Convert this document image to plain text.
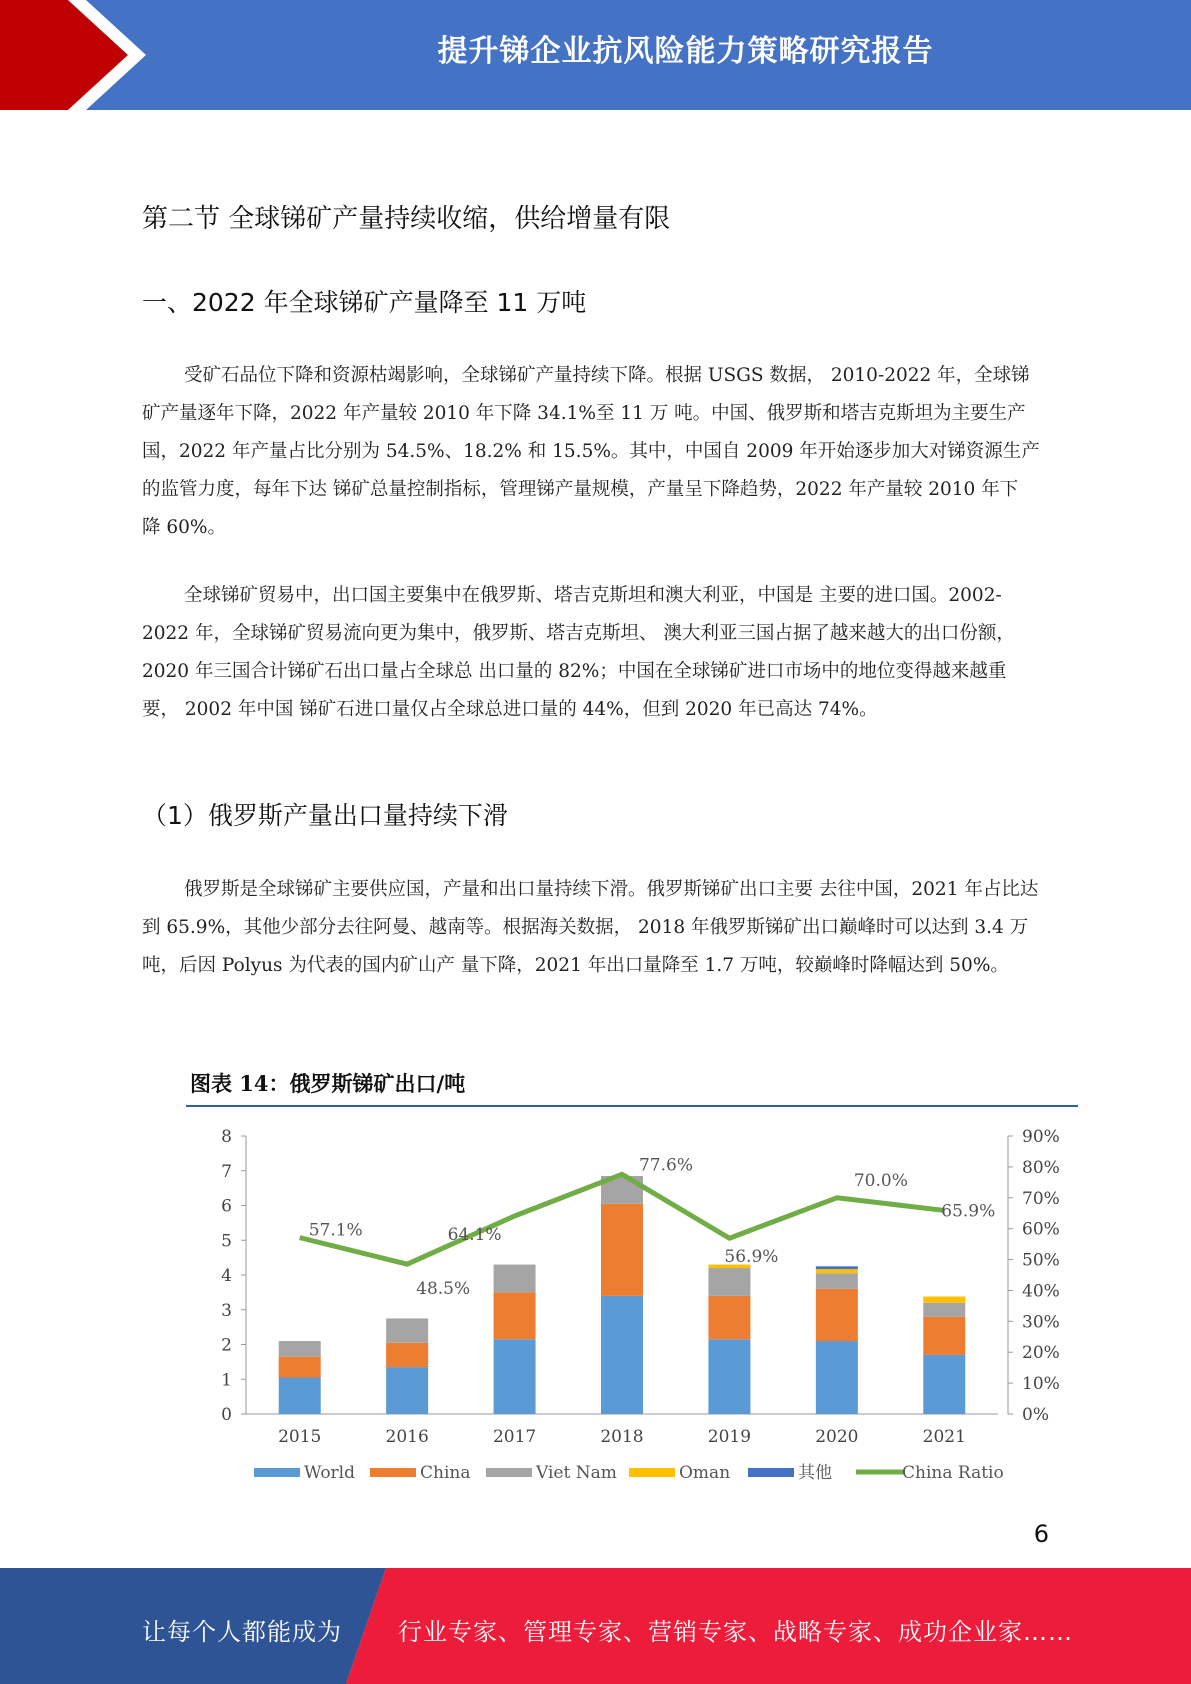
提升锑企业抗风险能力策略研究报告
第二节 全球锑矿产量持续收缩，供给增量有限
一、2022 年全球锑矿产量降至 11 万吨

受矿石品位下降和资源枯竭影响，全球锑矿产量持续下降。根据 USGS 数据， 2010-2022 年，全球锑矿产量逐年下降，2022 年产量较 2010 年下降 34.1%至 11 万 吨。中国、俄罗斯和塔吉克斯坦为主要生产国，2022 年产量占比分别为 54.5%、18.2% 和 15.5%。其中，中国自 2009 年开始逐步加大对锑资源生产的监管力度，每年下达 锑矿总量控制指标，管理锑产量规模，产量呈下降趋势，2022 年产量较 2010 年下 降 60%。

全球锑矿贸易中，出口国主要集中在俄罗斯、塔吉克斯坦和澳大利亚，中国是 主要的进口国。2002-2022 年，全球锑矿贸易流向更为集中，俄罗斯、塔吉克斯坦、 澳大利亚三国占据了越来越大的出口份额，2020 年三国合计锑矿石出口量占全球总 出口量的 82%；中国在全球锑矿进口市场中的地位变得越来越重要， 2002 年中国 锑矿石进口量仅占全球总进口量的 44%，但到 2020 年已高达 74%。

（1）俄罗斯产量出口量持续下滑

俄罗斯是全球锑矿主要供应国，产量和出口量持续下滑。俄罗斯锑矿出口主要 去往中国，2021 年占比达到 65.9%，其他少部分去往阿曼、越南等。根据海关数据， 2018 年俄罗斯锑矿出口巅峰时可以达到 3.4 万吨，后因 Polyus 为代表的国内矿山产 量下降，2021 年出口量降至 1.7 万吨，较巅峰时降幅达到 50%。

图表 14：俄罗斯锑矿出口/吨
0
1
2
3
4
5
6
7
8
0%
10%
20%
30%
40%
50%
60%
70%
80%
90%
2015	2016	2017	2018	2019	2020	2021
57.1%
48.5%
64.1%
77.6%
56.9%
70.0%
65.9%
World	China	Viet Nam	Oman	其他	China Ratio
6
让每个人都能成为 行业专家、管理专家、营销专家、战略专家、成功企业家……
